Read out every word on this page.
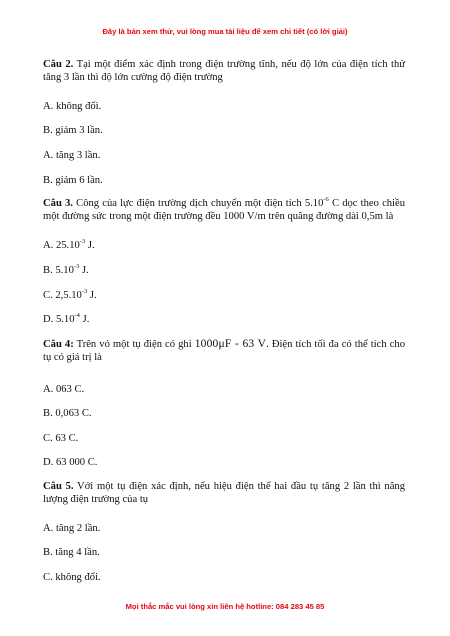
Đây là bản xem thử, vui lòng mua tài liệu để xem chi tiết (có lời giải)
Câu 2. Tại một điểm xác định trong điện trường tĩnh, nếu độ lớn của điện tích thử tăng 3 lần thì độ lớn cường độ điện trường
A. không đổi.
B. giảm 3 lần.
A. tăng 3 lần.
B. giảm 6 lần.
Câu 3. Công của lực điện trường dịch chuyển một điện tích $5.10^{-6}$ C dọc theo chiều một đường sức trong một điện trường đều 1000 V/m trên quãng đường dài 0,5m là
A. $25.10^{-3}$ J.
B. $5.10^{-3}$ J.
C. $2,5.10^{-3}$ J.
D. $5.10^{-4}$ J.
Câu 4: Trên vỏ một tụ điện có ghi 1000μF - 63 V. Điện tích tối đa có thể tích cho tụ có giá trị là
A. 063 C.
B. 0,063 C.
C. 63 C.
D. 63 000 C.
Câu 5. Với một tụ điện xác định, nếu hiệu điện thế hai đầu tụ tăng 2 lần thì năng lượng điện trường của tụ
A. tăng 2 lần.
B. tăng 4 lần.
C. không đổi.
Mọi thắc mắc vui lòng xin liên hệ hotline: 084 283 45 85
